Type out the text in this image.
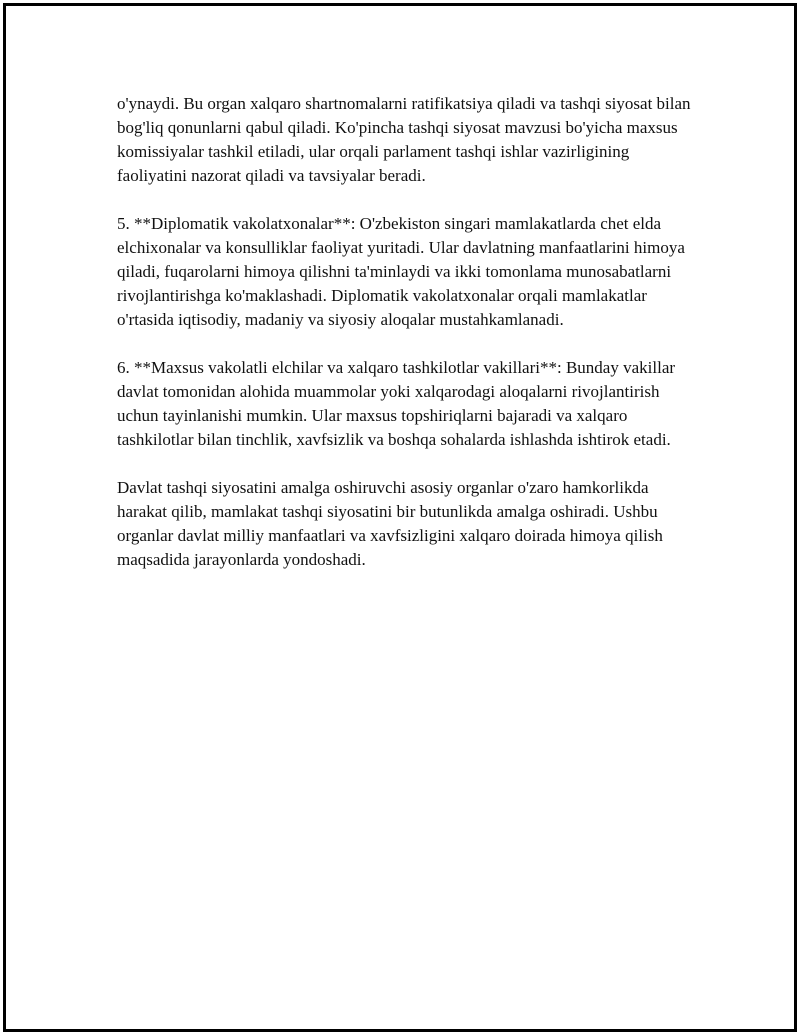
o'ynaydi. Bu organ xalqaro shartnomalarni ratifikatsiya qiladi va tashqi siyosat bilan bog'liq qonunlarni qabul qiladi. Ko'pincha tashqi siyosat mavzusi bo'yicha maxsus komissiyalar tashkil etiladi, ular orqali parlament tashqi ishlar vazirligining faoliyatini nazorat qiladi va tavsiyalar beradi.

5. **Diplomatik vakolatxonalar**: O'zbekiston singari mamlakatlarda chet elda elchixonalar va konsulliklar faoliyat yuritadi. Ular davlatning manfaatlarini himoya qiladi, fuqarolarni himoya qilishni ta'minlaydi va ikki tomonlama munosabatlarni rivojlantirishga ko'maklashadi. Diplomatik vakolatxonalar orqali mamlakatlar o'rtasida iqtisodiy, madaniy va siyosiy aloqalar mustahkamlanadi.

6. **Maxsus vakolatli elchilar va xalqaro tashkilotlar vakillari**: Bunday vakillar davlat tomonidan alohida muammolar yoki xalqarodagi aloqalarni rivojlantirish uchun tayinlanishi mumkin. Ular maxsus topshiriqlarni bajaradi va xalqaro tashkilotlar bilan tinchlik, xavfsizlik va boshqa sohalarda ishlashda ishtirok etadi.

Davlat tashqi siyosatini amalga oshiruvchi asosiy organlar o'zaro hamkorlikda harakat qilib, mamlakat tashqi siyosatini bir butunlikda amalga oshiradi. Ushbu organlar davlat milliy manfaatlari va xavfsizligini xalqaro doirada himoya qilish maqsadida jarayonlarda yondoshadi.
